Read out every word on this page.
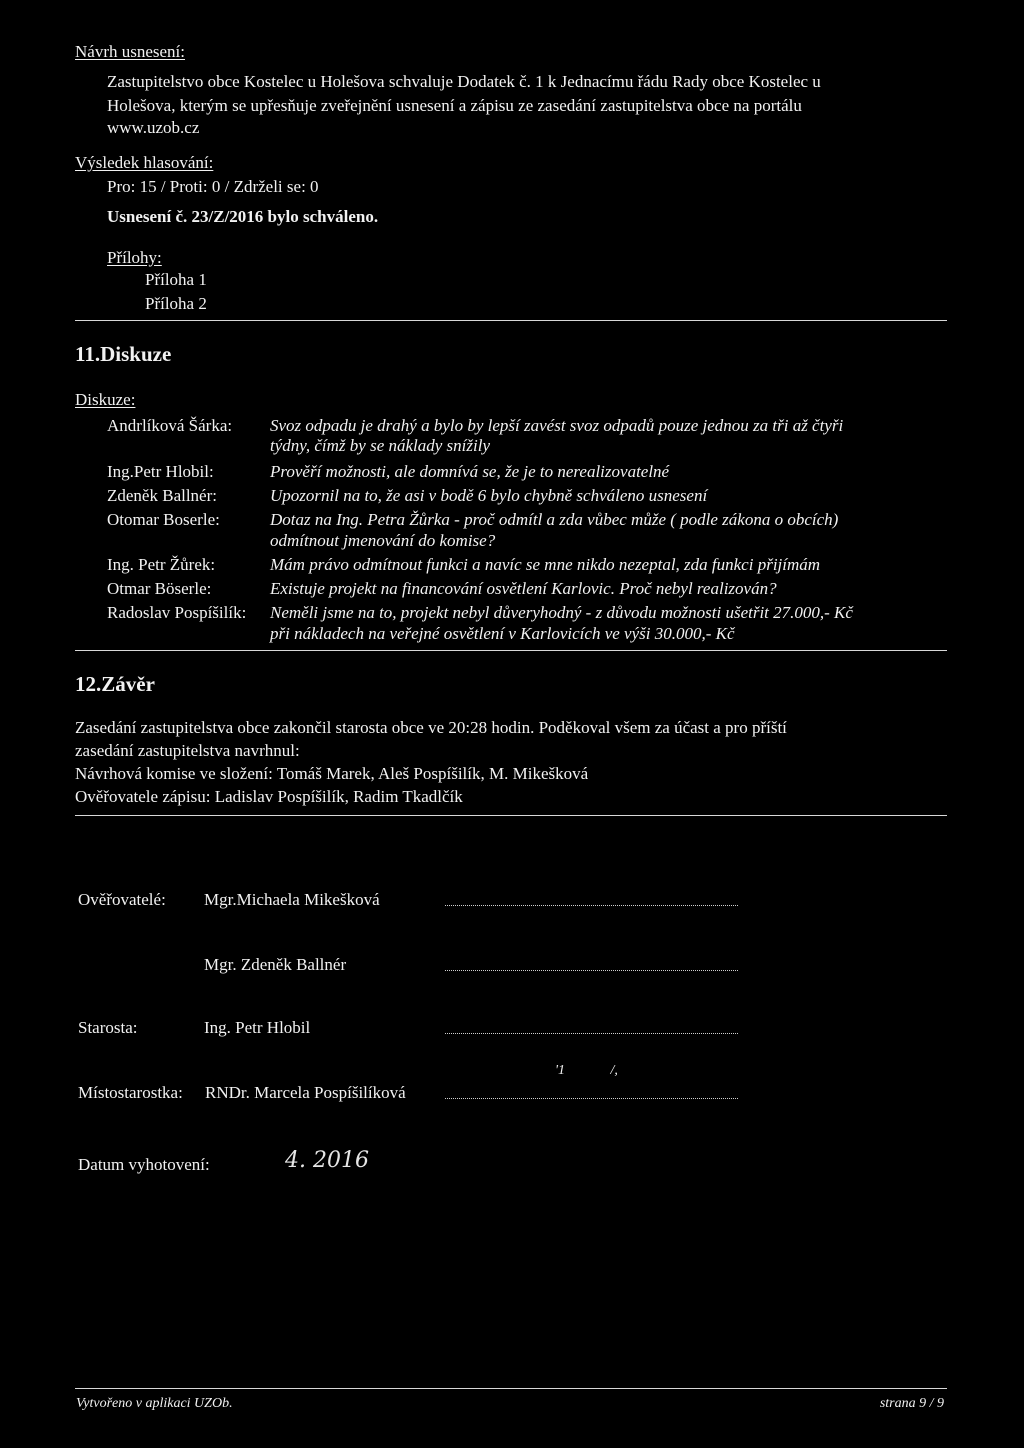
Návrh usnesení:
Zastupitelstvo obce Kostelec u Holešova schvaluje Dodatek č. 1 k Jednacímu řádu Rady obce Kostelec u
Holešova, kterým se upřesňuje zveřejnění usnesení a zápisu ze zasedání zastupitelstva obce na portálu
www.uzob.cz
Výsledek hlasování:
Pro: 15 / Proti: 0 / Zdrželi se: 0
Usnesení č. 23/Z/2016 bylo schváleno.
Přílohy:
Příloha 1
Příloha 2
11.Diskuze
Diskuze:
Andrlíková Šárka: Svoz odpadu je drahý a bylo by lepší zavést svoz odpadů pouze jednou za tři až čtyři
týdny, čímž by se náklady snížily
Ing.Petr Hlobil:	Prověří možnosti, ale domnívá se, že je to nerealizovatelné
Zdeněk Ballnér:	Upozornil na to, že asi v bodě 6 bylo chybně schváleno usnesení
Otomar Boserle:	Dotaz na Ing. Petra Žůrka - proč odmítl a zda vůbec může ( podle zákona o obcích)
odmítnout jmenování do komise?
Ing. Petr Žůrek:	Mám právo odmítnout funkci a navíc se mne nikdo nezeptal, zda funkci přijímám
Otmar Böserle:	Existuje projekt na financování osvětlení Karlovic. Proč nebyl realizován?
Radoslav Pospíšilík: Neměli jsme na to, projekt nebyl důveryhodný - z důvodu možnosti ušetřit 27.000,- Kč
při nákladech na veřejné osvětlení v Karlovicích ve výši 30.000,- Kč
12.Závěr
Zasedání zastupitelstva obce zakončil starosta obce ve 20:28 hodin. Poděkoval všem za účast a pro příští
zasedání zastupitelstva navrhnul:
Návrhová komise ve složení: Tomáš Marek, Aleš Pospíšilík, M. Mikešková
Ověřovatele zápisu: Ladislav Pospíšilík, Radim Tkadlčík
Ověřovatelé: Mgr.Michaela Mikešková
Mgr. Zdeněk Ballnér
Starosta:	Ing. Petr Hlobil
Místostarostka: RNDr. Marcela Pospíšilíková
'1             /,
Datum vyhotovení:	4. 2016
Vytvořeno v aplikaci UZOb.	strana 9 / 9
